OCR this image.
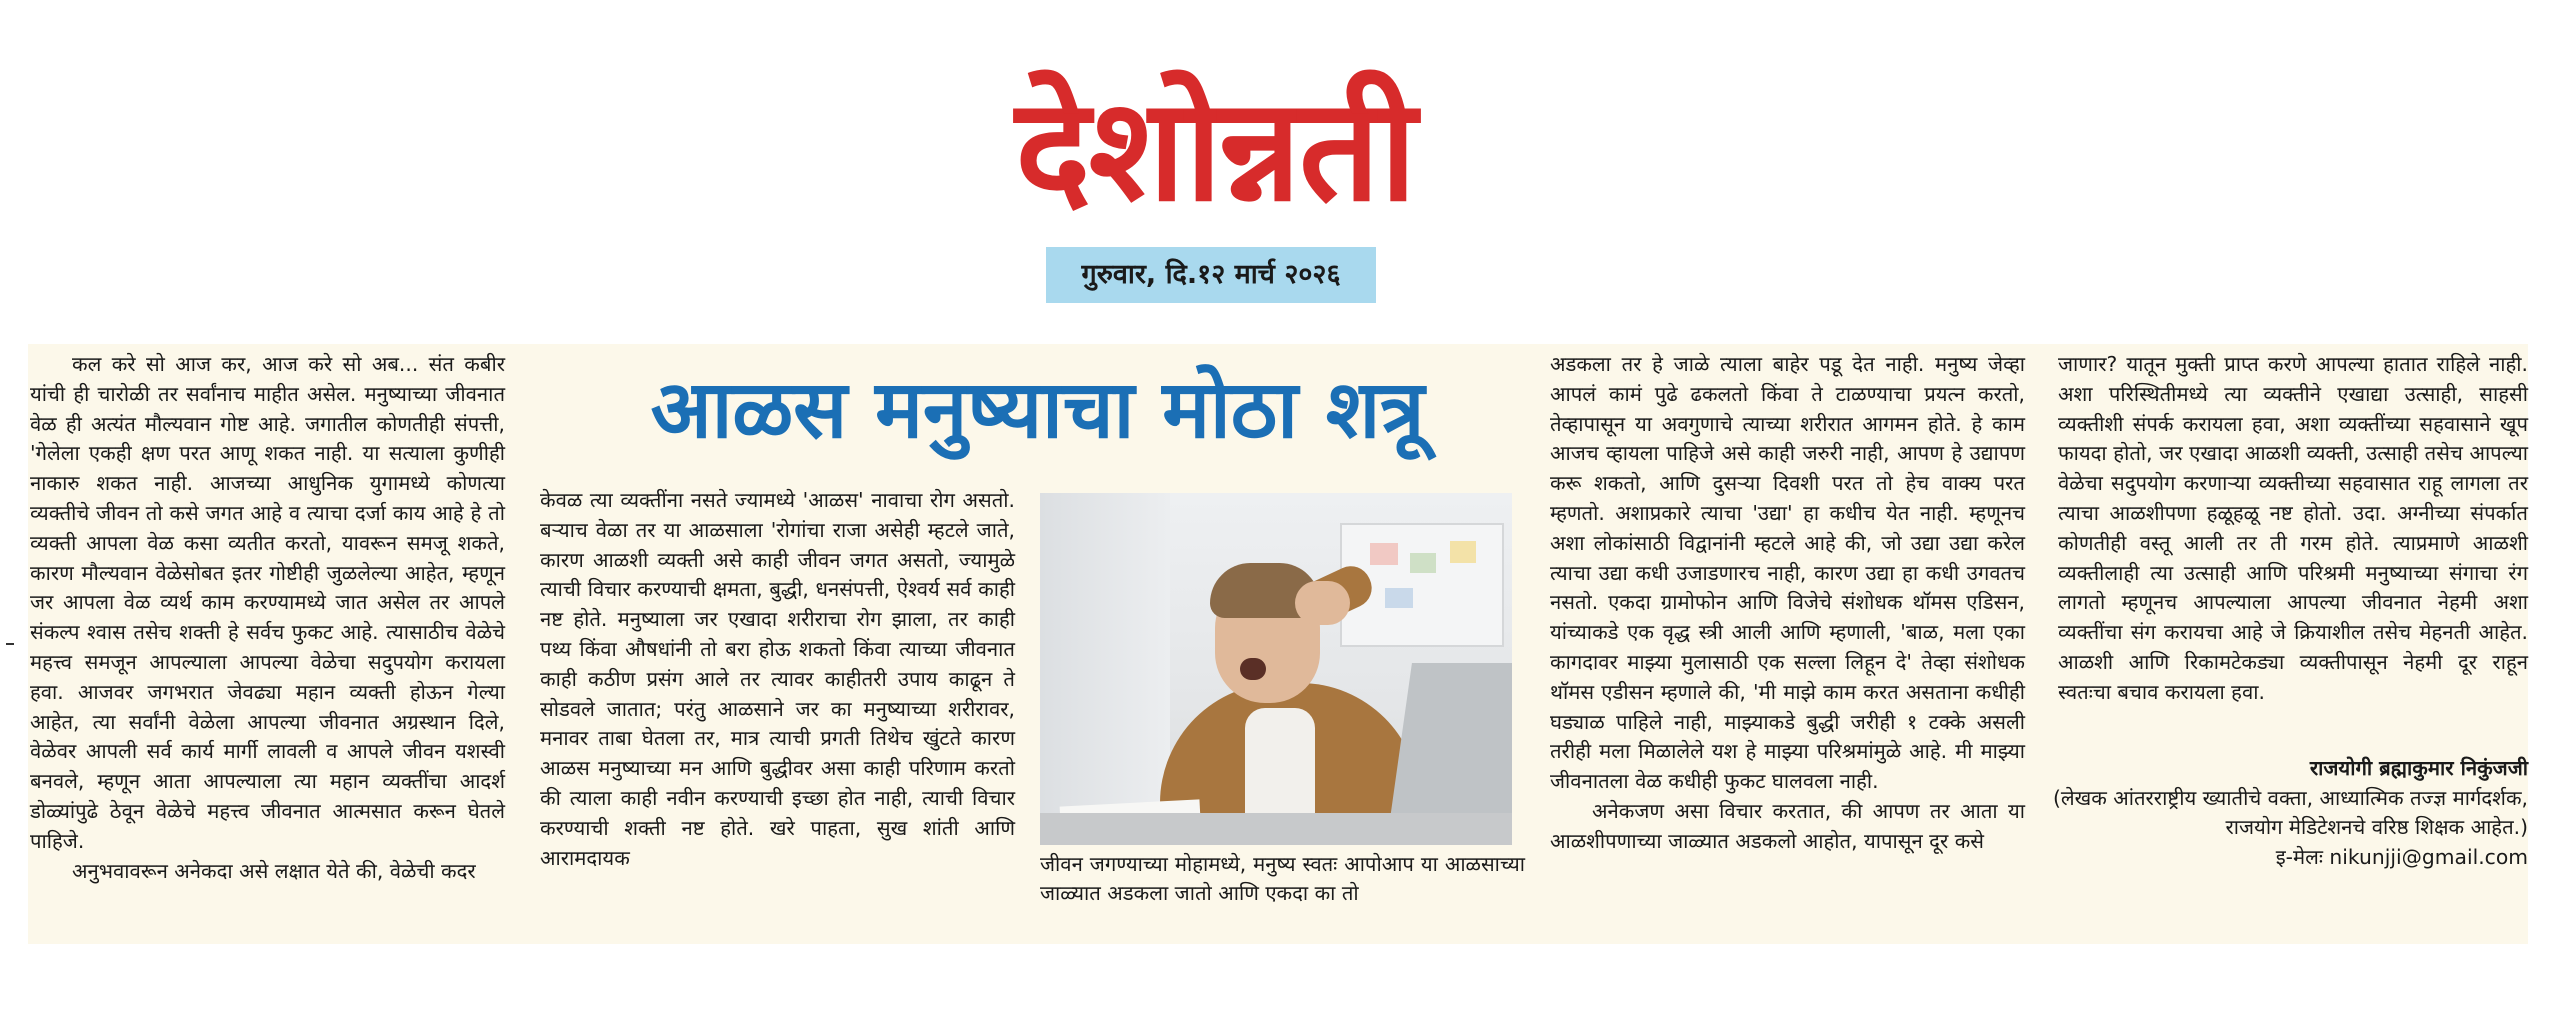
देशोन्नती
गुरुवार, दि.१२ मार्च २०२६

कल करे सो आज कर, आज करे सो अब... संत कबीर यांची ही चारोळी तर सर्वांनाच माहीत असेल. मनुष्याच्या जीवनात वेळ ही अत्यंत मौल्यवान गोष्ट आहे. जगातील कोणतीही संपत्ती, 'गेलेला एकही क्षण परत आणू शकत नाही. या सत्याला कुणीही नाकारु शकत नाही. आजच्या आधुनिक युगामध्ये कोणत्या व्यक्तीचे जीवन तो कसे जगत आहे व त्याचा दर्जा काय आहे हे तो व्यक्ती आपला वेळ कसा व्यतीत करतो, यावरून समजू शकते, कारण मौल्यवान वेळेसोबत इतर गोष्टीही जुळलेल्या आहेत, म्हणून जर आपला वेळ व्यर्थ काम करण्यामध्ये जात असेल तर आपले संकल्प श्वास तसेच शक्ती हे सर्वच फुकट आहे. त्यासाठीच वेळेचे महत्त्व समजून आपल्याला आपल्या वेळेचा सदुपयोग करायला हवा. आजवर जगभरात जेवढ्या महान व्यक्ती होऊन गेल्या आहेत, त्या सर्वांनी वेळेला आपल्या जीवनात अग्रस्थान दिले, वेळेवर आपली सर्व कार्य मार्गी लावली व आपले जीवन यशस्वी बनवले, म्हणून आता आपल्याला त्या महान व्यक्तींचा आदर्श डोळ्यांपुढे ठेवून वेळेचे महत्त्व जीवनात आत्मसात करून घेतले पाहिजे.

अनुभवावरून अनेकदा असे लक्षात येते की, वेळेची कदर

आळस मनुष्याचा मोठा शत्रू

केवळ त्या व्यक्तींना नसते ज्यामध्ये 'आळस' नावाचा रोग असतो. बऱ्याच वेळा तर या आळसाला 'रोगांचा राजा असेही म्हटले जाते, कारण आळशी व्यक्ती असे काही जीवन जगत असतो, ज्यामुळे त्याची विचार करण्याची क्षमता, बुद्धी, धनसंपत्ती, ऐश्वर्य सर्व काही नष्ट होते. मनुष्याला जर एखादा शरीराचा रोग झाला, तर काही पथ्य किंवा औषधांनी तो बरा होऊ शकतो किंवा त्याच्या जीवनात काही कठीण प्रसंग आले तर त्यावर काहीतरी उपाय काढून ते सोडवले जातात; परंतु आळसाने जर का मनुष्याच्या शरीरावर, मनावर ताबा घेतला तर, मात्र त्याची प्रगती तिथेच खुंटते कारण आळस मनुष्याच्या मन आणि बुद्धीवर असा काही परिणाम करतो की त्याला काही नवीन करण्याची इच्छा होत नाही, त्याची विचार करण्याची शक्ती नष्ट होते. खरे पाहता, सुख शांती आणि आरामदायक	जीवन जगण्याच्या मोहामध्ये, मनुष्य स्वतः आपोआप या आळसाच्या जाळ्यात अडकला जातो आणि एकदा का तो

अडकला तर हे जाळे त्याला बाहेर पडू देत नाही. मनुष्य जेव्हा आपलं कामं पुढे ढकलतो किंवा ते टाळण्याचा प्रयत्न करतो, तेव्हापासून या अवगुणाचे त्याच्या शरीरात आगमन होते. हे काम आजच व्हायला पाहिजे असे काही जरुरी नाही, आपण हे उद्यापण करू शकतो, आणि दुसऱ्या दिवशी परत तो हेच वाक्य परत म्हणतो. अशाप्रकारे त्याचा 'उद्या' हा कधीच येत नाही. म्हणूनच अशा लोकांसाठी विद्वानांनी म्हटले आहे की, जो उद्या उद्या करेल त्याचा उद्या कधी उजाडणारच नाही, कारण उद्या हा कधी उगवतच नसतो. एकदा ग्रामोफोन आणि विजेचे संशोधक थॉमस एडिसन, यांच्याकडे एक वृद्ध स्त्री आली आणि म्हणाली, 'बाळ, मला एका कागदावर माझ्या मुलासाठी एक सल्ला लिहून दे' तेव्हा संशोधक थॉमस एडीसन म्हणाले की, 'मी माझे काम करत असताना कधीही घड्याळ पाहिले नाही, माझ्याकडे बुद्धी जरीही १ टक्के असली तरीही मला मिळालेले यश हे माझ्या परिश्रमांमुळे आहे. मी माझ्या जीवनातला वेळ कधीही फुकट घालवला नाही.

अनेकजण असा विचार करतात, की आपण तर आता या आळशीपणाच्या जाळ्यात अडकलो आहोत, यापासून दूर कसे

जाणार? यातून मुक्ती प्राप्त करणे आपल्या हातात राहिले नाही. अशा परिस्थितीमध्ये त्या व्यक्तीने एखाद्या उत्साही, साहसी व्यक्तीशी संपर्क करायला हवा, अशा व्यक्तींच्या सहवासाने खूप फायदा होतो, जर एखादा आळशी व्यक्ती, उत्साही तसेच आपल्या वेळेचा सदुपयोग करणाऱ्या व्यक्तीच्या सहवासात राहू लागला तर त्याचा आळशीपणा हळूहळू नष्ट होतो. उदा. अग्नीच्या संपर्कात कोणतीही वस्तू आली तर ती गरम होते. त्याप्रमाणे आळशी व्यक्तीलाही त्या उत्साही आणि परिश्रमी मनुष्याच्या संगाचा रंग लागतो म्हणूनच आपल्याला आपल्या जीवनात नेहमी अशा व्यक्तींचा संग करायचा आहे जे क्रियाशील तसेच मेहनती आहेत. आळशी आणि रिकामटेकड्या व्यक्तीपासून नेहमी दूर राहून स्वतःचा बचाव करायला हवा.

राजयोगी ब्रह्माकुमार निकुंजजी
(लेखक आंतरराष्ट्रीय ख्यातीचे वक्ता, आध्यात्मिक तज्ज्ञ मार्गदर्शक, राजयोग मेडिटेशनचे वरिष्ठ शिक्षक आहेत.)
इ-मेलः nikunjji@gmail.com
